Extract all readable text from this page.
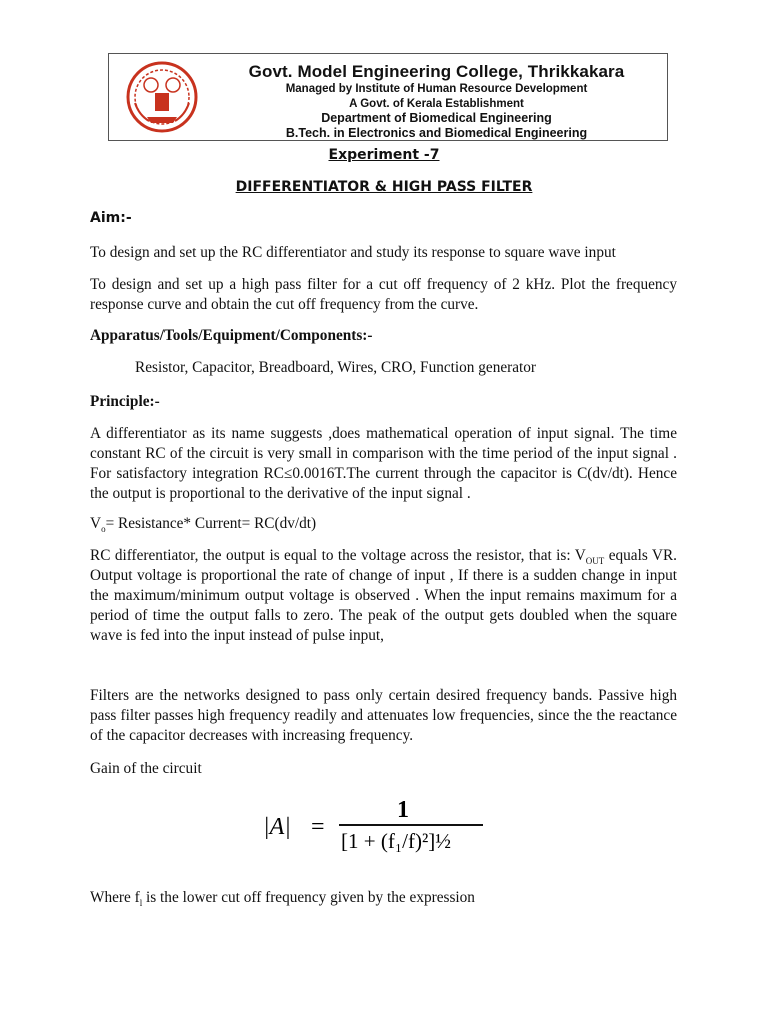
Govt. Model Engineering College, Thrikkakara
Managed by Institute of Human Resource Development
A Govt. of Kerala Establishment
Department of Biomedical Engineering
B.Tech. in Electronics and Biomedical Engineering
Experiment -7
DIFFERENTIATOR & HIGH PASS FILTER
Aim:-
To design and set up the RC differentiator and study its response to square wave input
To design and set up a high pass filter for a cut off frequency of 2 kHz. Plot the frequency response curve and obtain the cut off frequency from the curve.
Apparatus/Tools/Equipment/Components:-
Resistor, Capacitor, Breadboard, Wires, CRO, Function generator
Principle:-
A differentiator as its name suggests ,does mathematical operation of input signal. The time constant RC of the circuit is very small in comparison with the time period of the input signal . For satisfactory integration RC≤0.0016T.The current through the capacitor is C(dv/dt). Hence the output is proportional to the derivative of the input signal .
$V_o=$ Resistance* Current= RC(dv/dt)
RC differentiator, the output is equal to the voltage across the resistor, that is: $V_{OUT}$ equals VR. Output voltage is proportional the rate of change of input , If there is a sudden change in input the maximum/minimum output voltage is observed . When the input remains maximum for a period of time the output falls to zero. The peak of the output gets doubled when the square wave is fed into the input instead of pulse input,
Filters are the networks designed to pass only certain desired frequency bands. Passive high pass filter passes high frequency readily and attenuates low frequencies, since the the reactance of the capacitor decreases with increasing frequency.
Gain of the circuit
|A| =
1
[1 + (f₁/f)²]½
Where $f_l$ is the lower cut off frequency given by the expression
